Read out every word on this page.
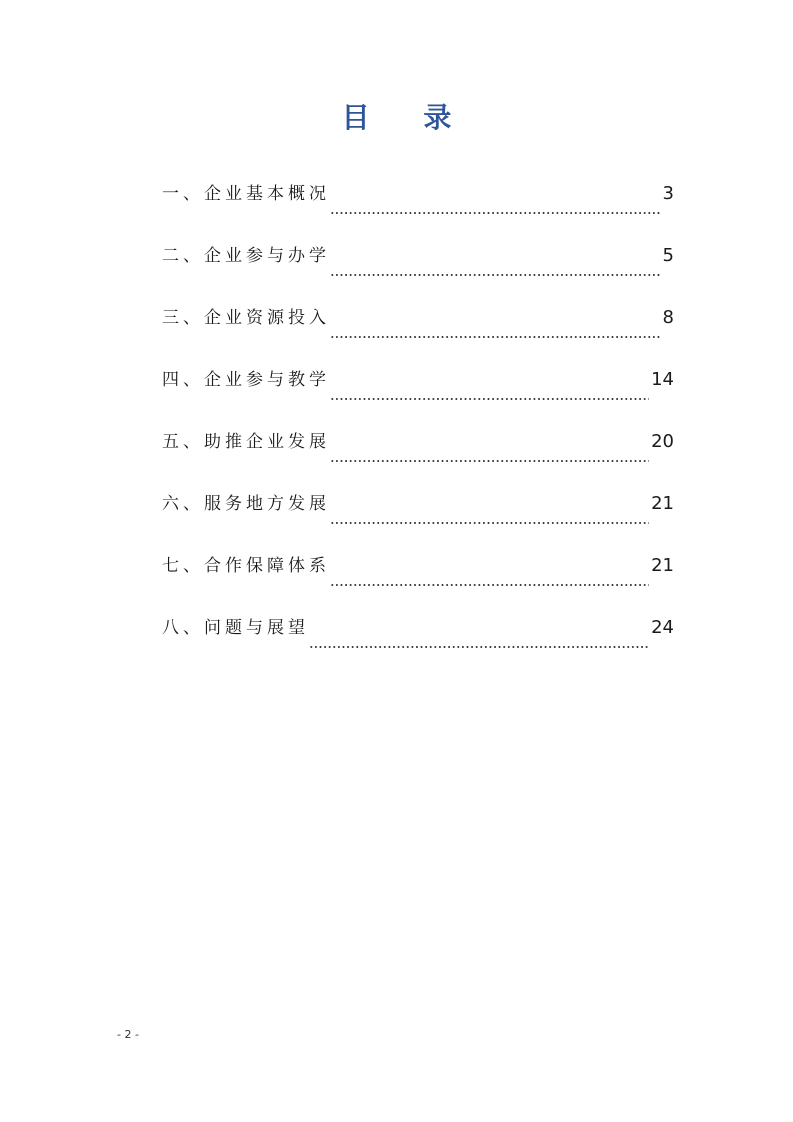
目 录
一、企业基本概况	3
二、企业参与办学	5
三、企业资源投入	8
四、企业参与教学	14
五、助推企业发展	20
六、服务地方发展	21
七、合作保障体系	21
八、问题与展望	24
- 2 -
